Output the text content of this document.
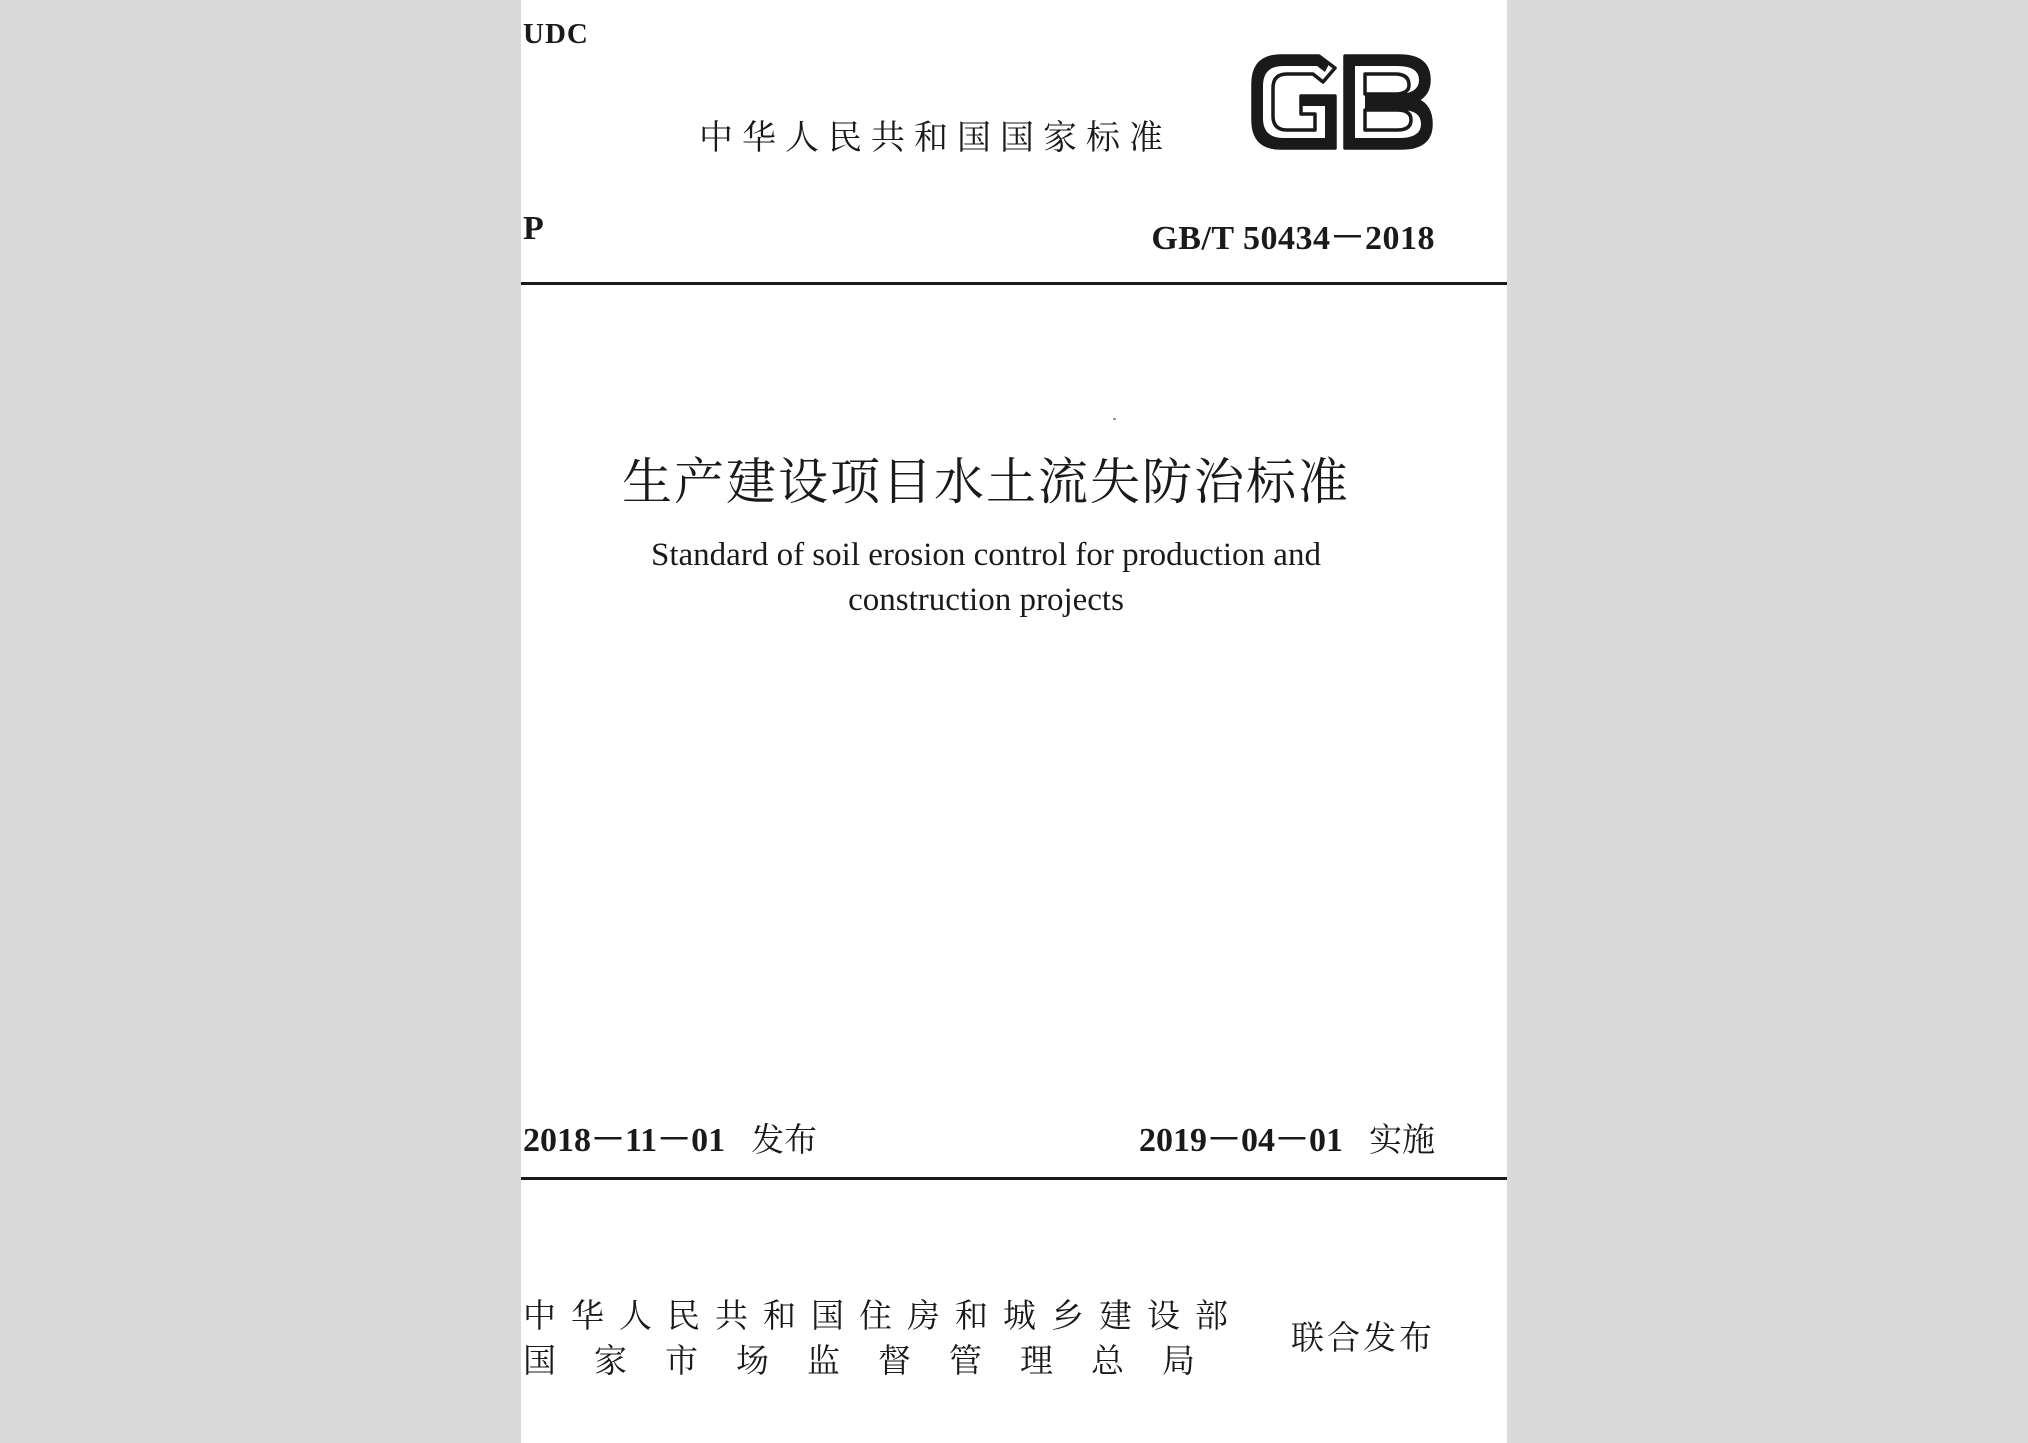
UDC
中华人民共和国国家标准
P	GB/T 50434－2018
生产建设项目水土流失防治标准
Standard of soil erosion control for production and
construction projects
2018－11－01 发布	2019－04－01 实施
中华人民共和国住房和城乡建设部
国家市场监督管理总局
联合发布
